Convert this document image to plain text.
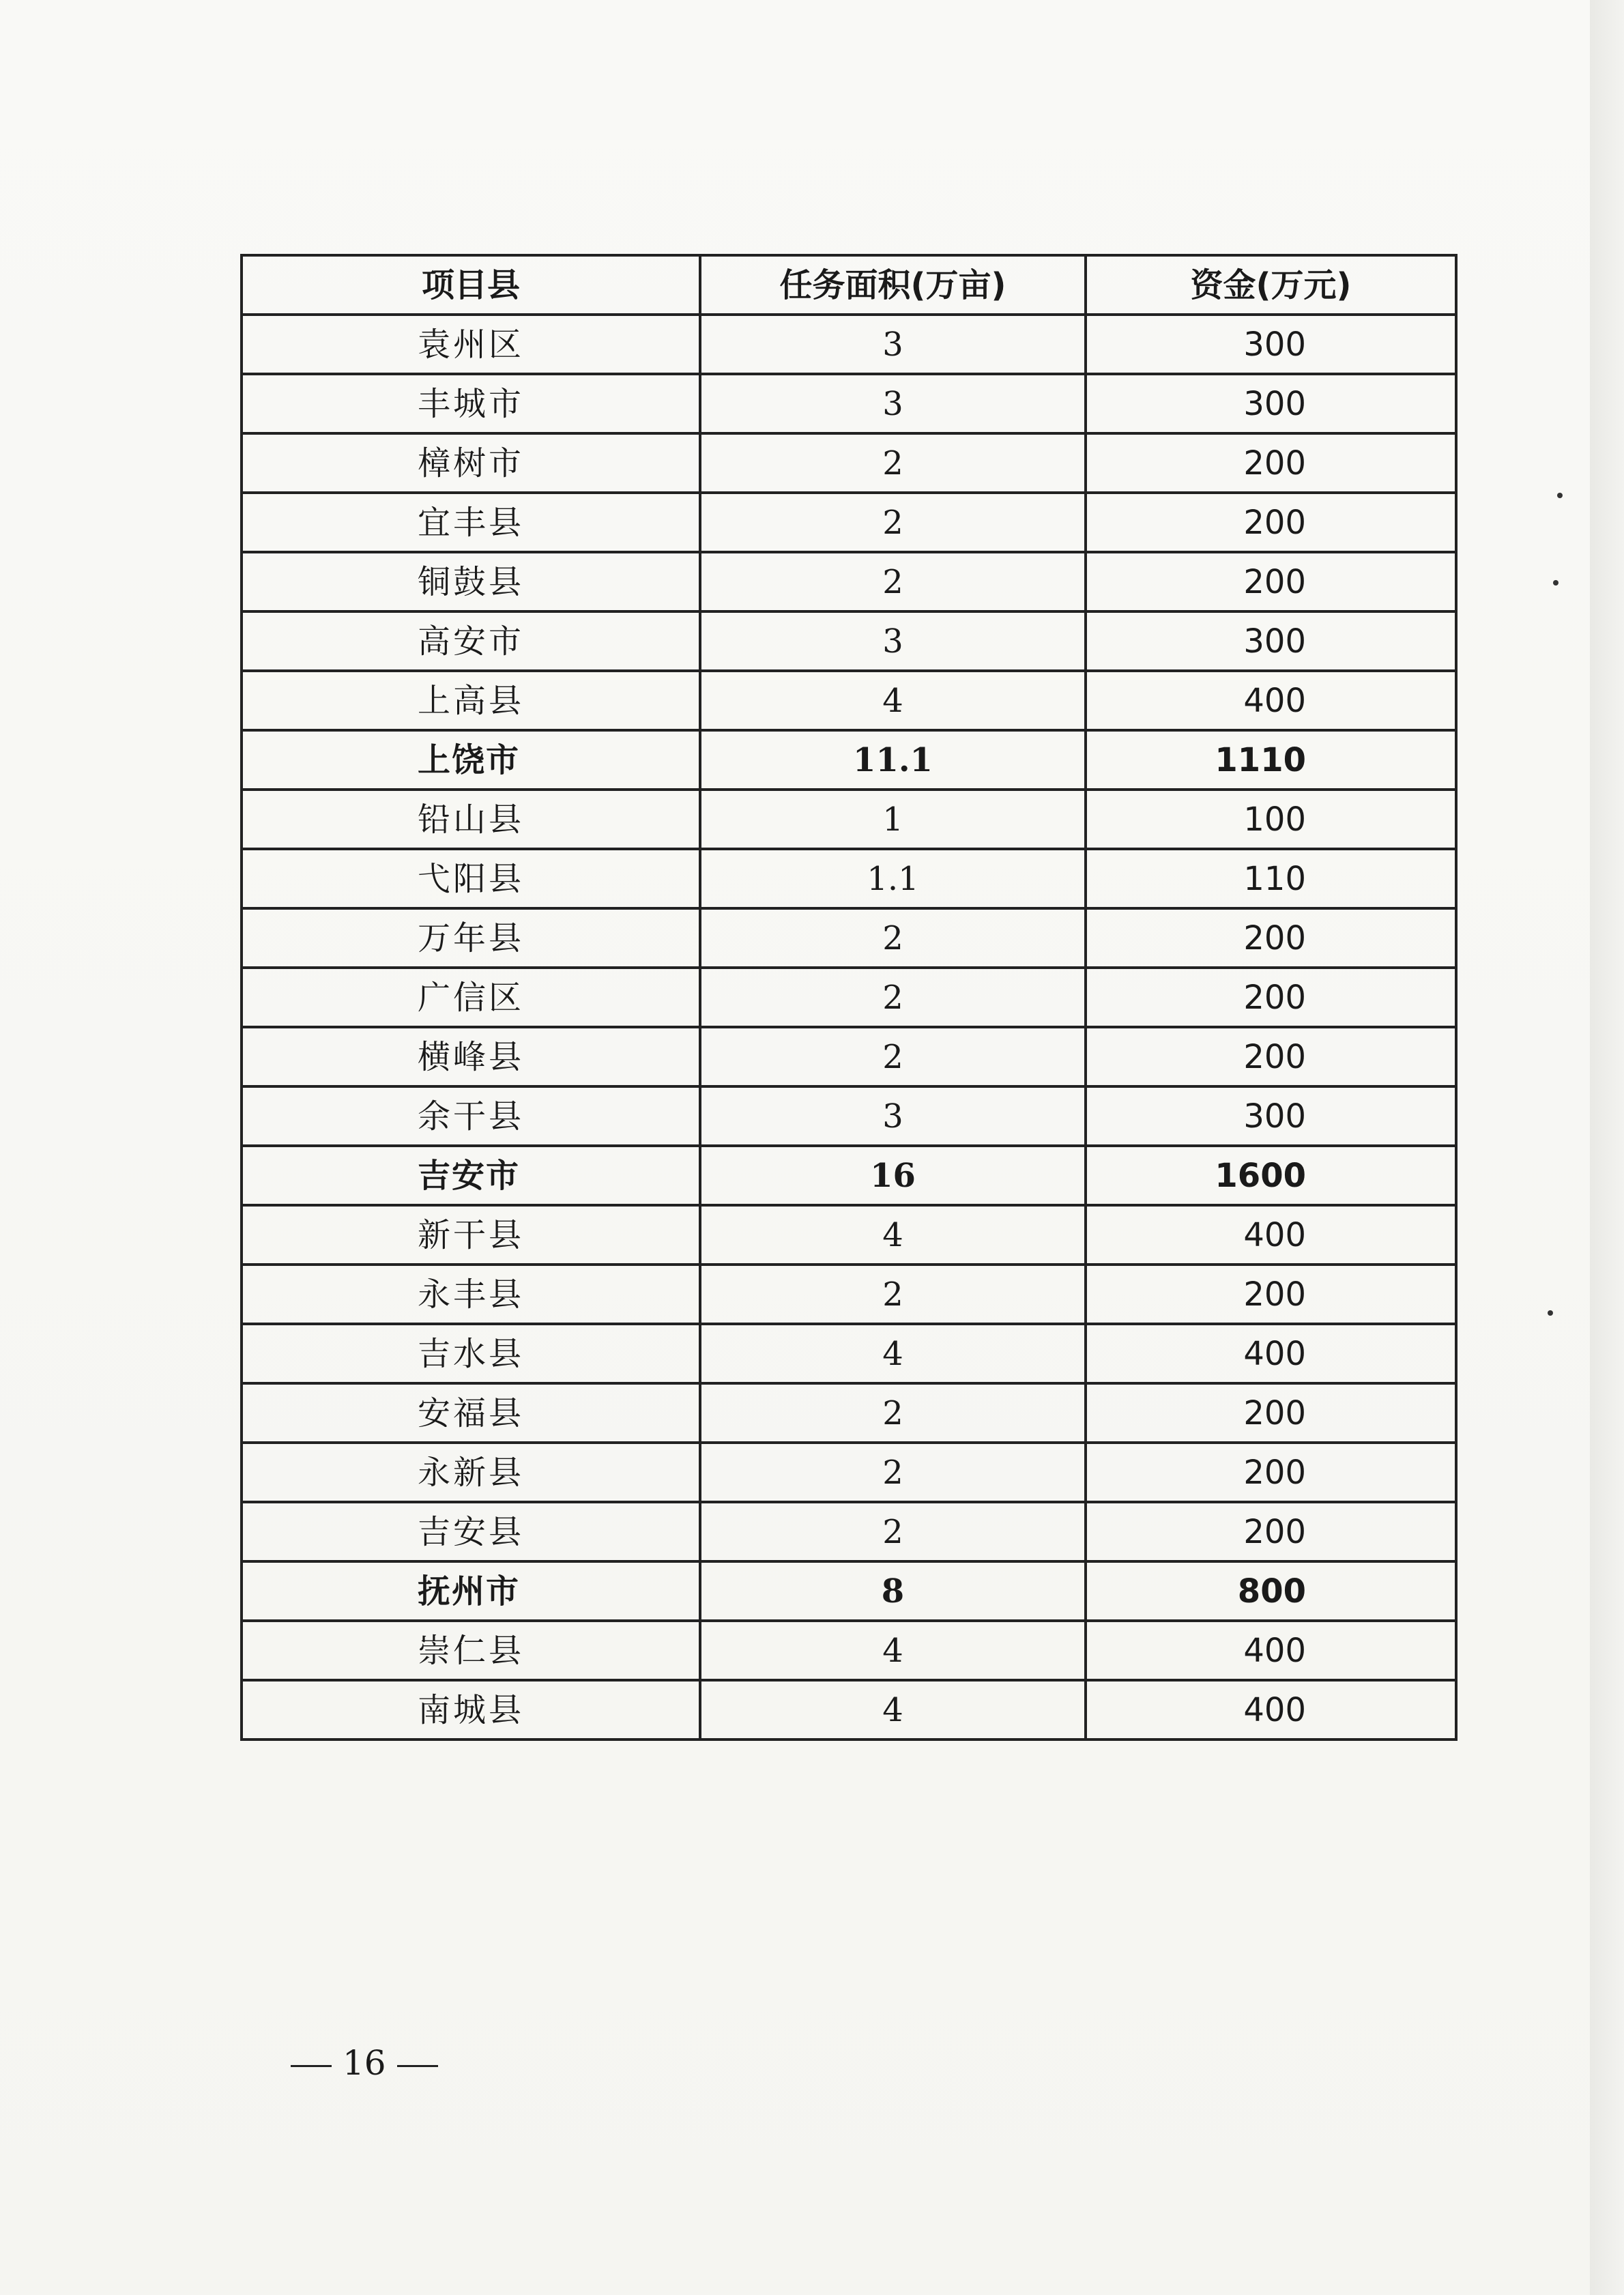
项目县	任务面积(万亩)	资金(万元)
袁州区	3	300
丰城市	3	300
樟树市	2	200
宜丰县	2	200
铜鼓县	2	200
高安市	3	300
上高县	4	400
上饶市	11.1	1110
铅山县	1	100
弋阳县	1.1	110
万年县	2	200
广信区	2	200
横峰县	2	200
余干县	3	300
吉安市	16	1600
新干县	4	400
永丰县	2	200
吉水县	4	400
安福县	2	200
永新县	2	200
吉安县	2	200
抚州市	8	800
崇仁县	4	400
南城县	4	400
16
